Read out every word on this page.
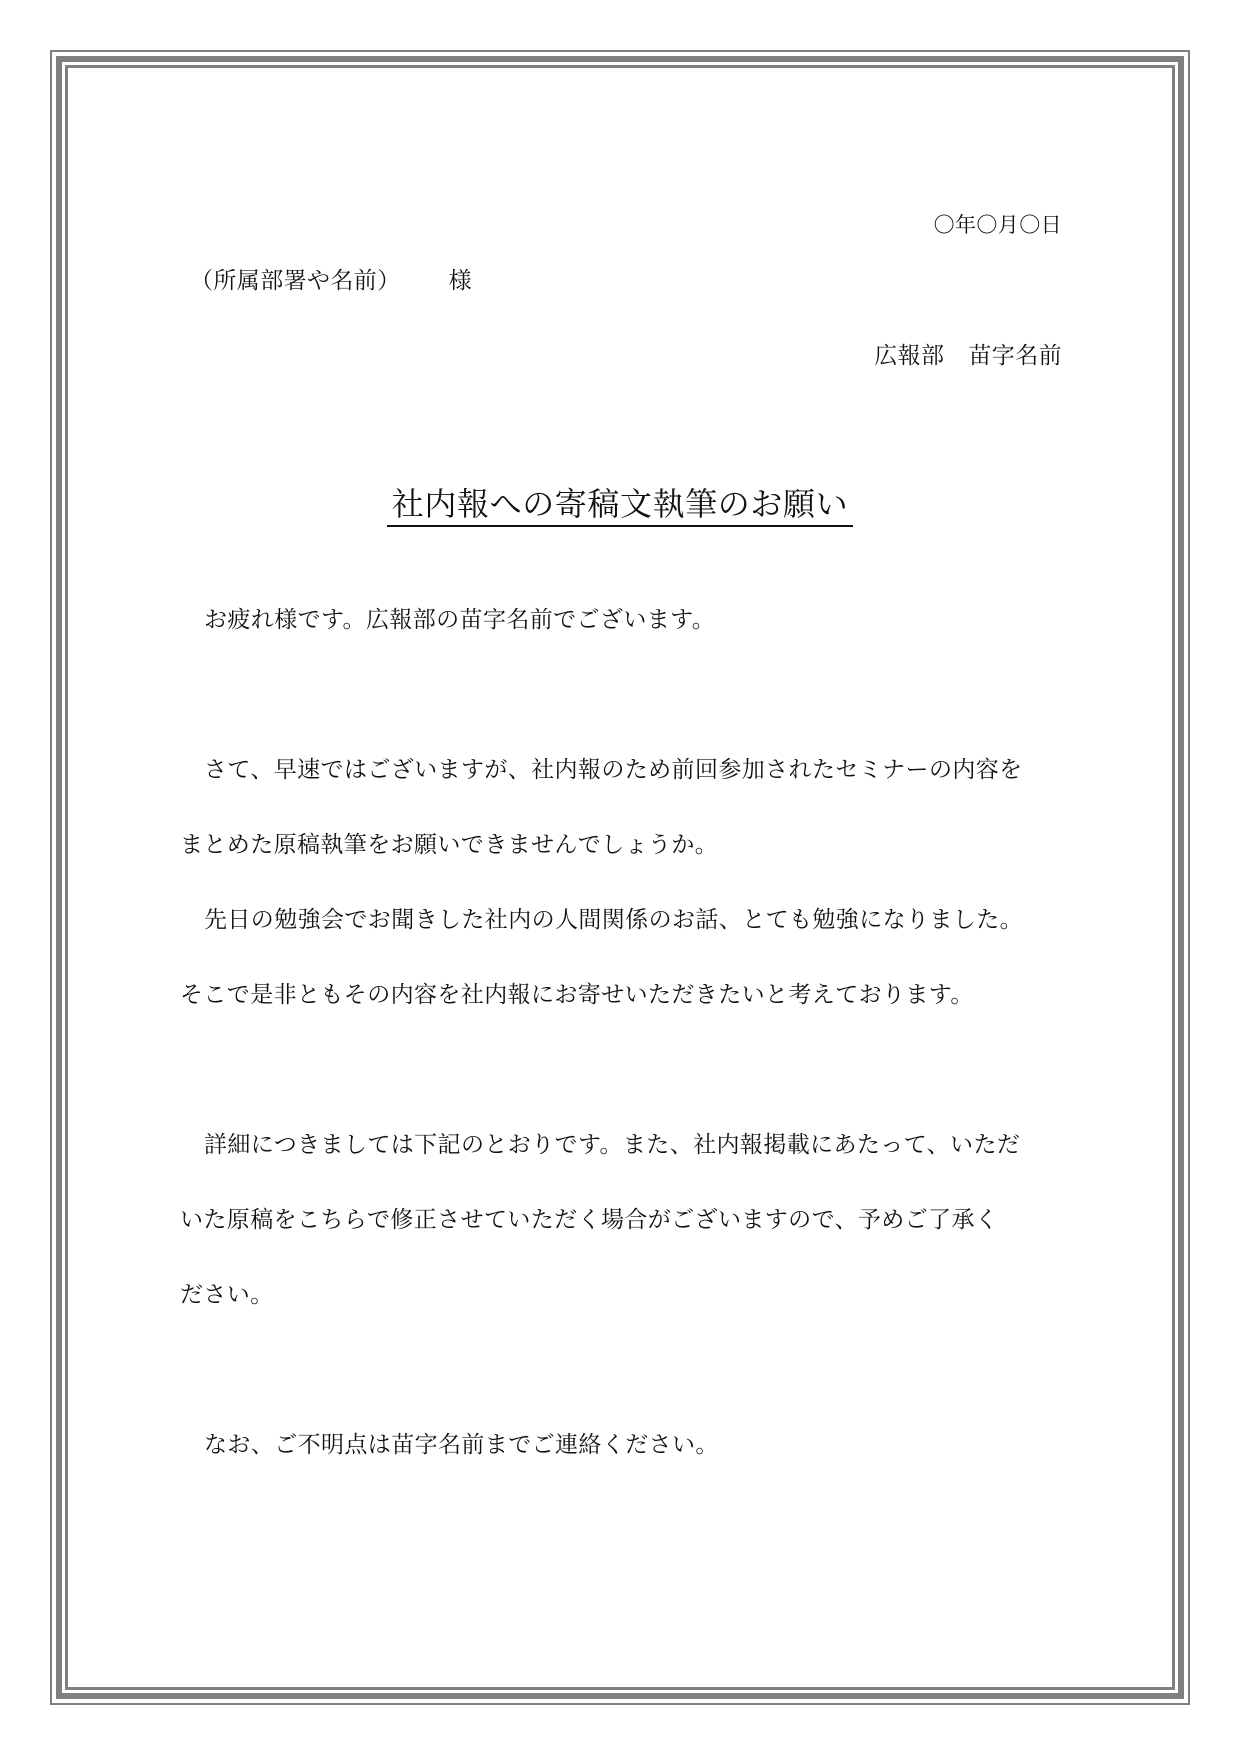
〇年〇月〇日
（所属部署や名前） 様
広報部 苗字名前
社内報への寄稿文執筆のお願い
お疲れ様です。広報部の苗字名前でございます。
さて、早速ではございますが、社内報のため前回参加されたセミナーの内容を
まとめた原稿執筆をお願いできませんでしょうか。
先日の勉強会でお聞きした社内の人間関係のお話、とても勉強になりました。
そこで是非ともその内容を社内報にお寄せいただきたいと考えております。
詳細につきましては下記のとおりです。また、社内報掲載にあたって、いただ
いた原稿をこちらで修正させていただく場合がございますので、予めご了承く
ださい。
なお、ご不明点は苗字名前までご連絡ください。
